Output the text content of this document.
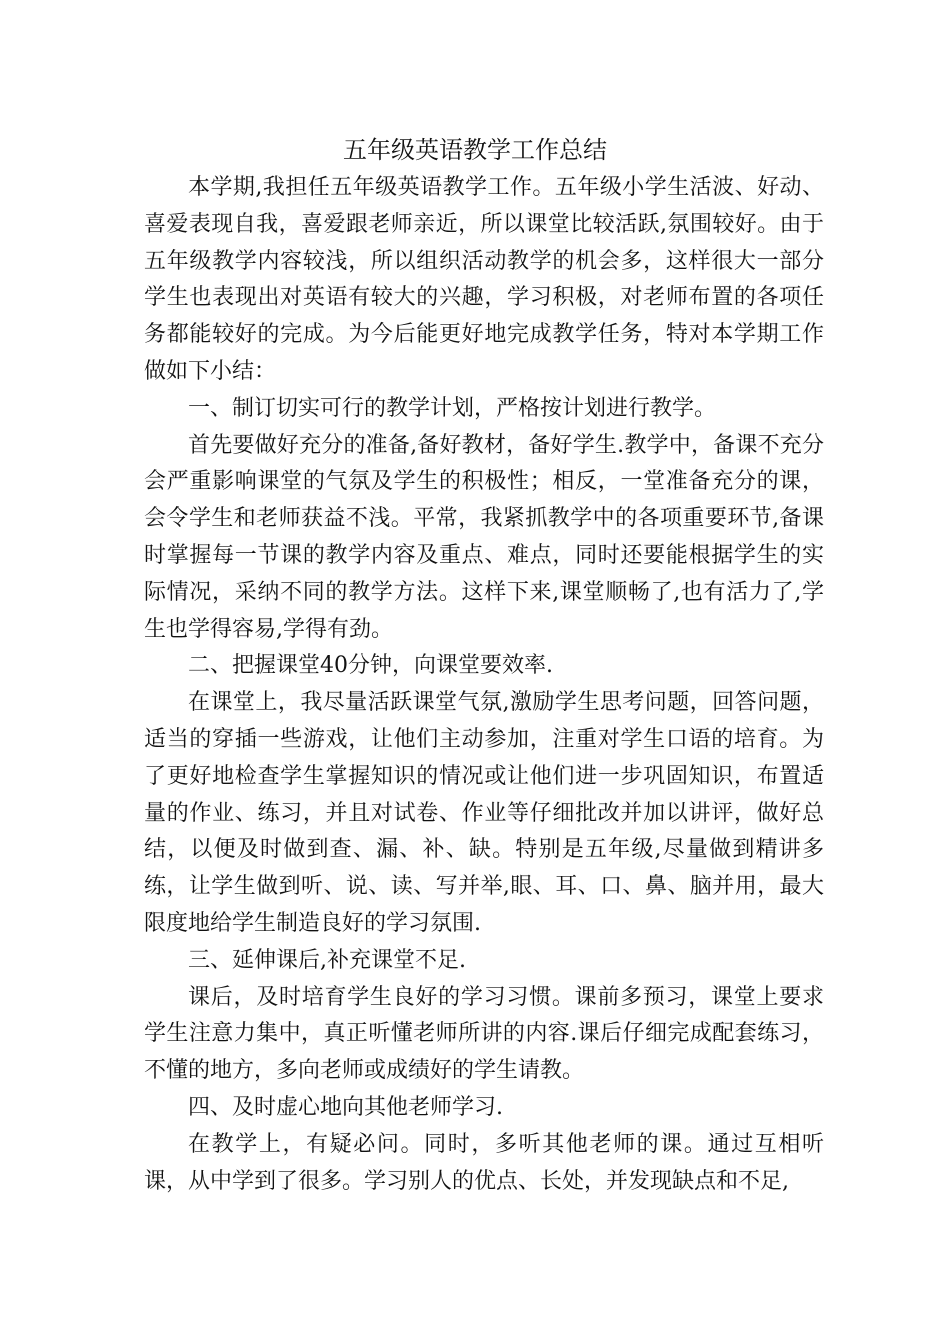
五年级英语教学工作总结

本学期,我担任五年级英语教学工作。五年级小学生活波、好动、喜爱表现自我，喜爱跟老师亲近，所以课堂比较活跃,氛围较好。由于五年级教学内容较浅，所以组织活动教学的机会多，这样很大一部分学生也表现出对英语有较大的兴趣，学习积极，对老师布置的各项任务都能较好的完成。为今后能更好地完成教学任务，特对本学期工作做如下小结：

一、制订切实可行的教学计划，严格按计划进行教学。

首先要做好充分的准备,备好教材，备好学生.教学中，备课不充分会严重影响课堂的气氛及学生的积极性；相反，一堂准备充分的课，会令学生和老师获益不浅。平常，我紧抓教学中的各项重要环节,备课时掌握每一节课的教学内容及重点、难点，同时还要能根据学生的实际情况，采纳不同的教学方法。这样下来,课堂顺畅了,也有活力了,学生也学得容易,学得有劲。

二、把握课堂40分钟，向课堂要效率.

在课堂上，我尽量活跃课堂气氛,激励学生思考问题，回答问题，适当的穿插一些游戏，让他们主动参加，注重对学生口语的培育。为了更好地检查学生掌握知识的情况或让他们进一步巩固知识，布置适量的作业、练习，并且对试卷、作业等仔细批改并加以讲评，做好总结，以便及时做到查、漏、补、缺。特别是五年级,尽量做到精讲多练，让学生做到听、说、读、写并举,眼、耳、口、鼻、脑并用，最大限度地给学生制造良好的学习氛围.

三、延伸课后,补充课堂不足.

课后，及时培育学生良好的学习习惯。课前多预习，课堂上要求学生注意力集中，真正听懂老师所讲的内容.课后仔细完成配套练习，不懂的地方，多向老师或成绩好的学生请教。

四、及时虚心地向其他老师学习.

在教学上，有疑必问。同时，多听其他老师的课。通过互相听课，从中学到了很多。学习别人的优点、长处，并发现缺点和不足,
